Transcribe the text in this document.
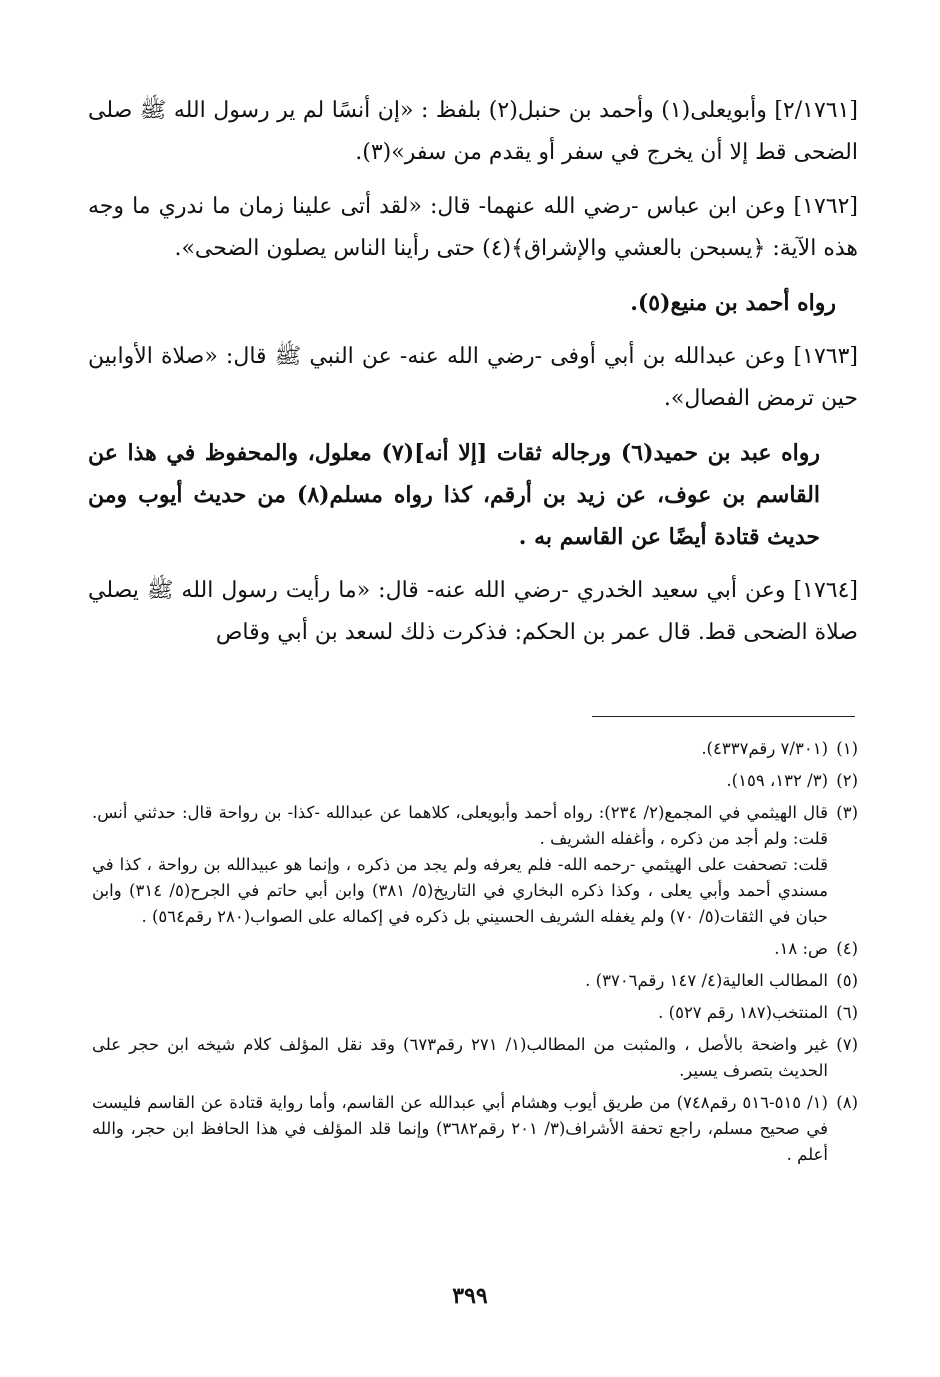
[٢/١٧٦١] وأبويعلى(١) وأحمد بن حنبل(٢) بلفظ : «إن أنسًا لم ير رسول الله ﷺ صلى الضحى قط إلا أن يخرج في سفر أو يقدم من سفر»(٣).

[١٧٦٢] وعن ابن عباس -رضي الله عنهما- قال: «لقد أتى علينا زمان ما ندري ما وجه هذه الآية: ﴿يسبحن بالعشي والإشراق﴾(٤) حتى رأينا الناس يصلون الضحى».

رواه أحمد بن منيع(٥).

[١٧٦٣] وعن عبدالله بن أبي أوفى -رضي الله عنه- عن النبي ﷺ قال: «صلاة الأوابين حين ترمض الفصال».

رواه عبد بن حميد(٦) ورجاله ثقات [إلا أنه](٧) معلول، والمحفوظ في هذا عن القاسم بن عوف، عن زيد بن أرقم، كذا رواه مسلم(٨) من حديث أيوب ومن حديث قتادة أيضًا عن القاسم به .

[١٧٦٤] وعن أبي سعيد الخدري -رضي الله عنه- قال: «ما رأيت رسول الله ﷺ يصلي صلاة الضحى قط. قال عمر بن الحكم: فذكرت ذلك لسعد بن أبي وقاص

(١)
(٧/٣٠١ رقم٤٣٣٧).
(٢)
(٣/ ١٣٢، ١٥٩).
(٣)
قال الهيثمي في المجمع(٢/ ٢٣٤): رواه أحمد وأبويعلى، كلاهما عن عبدالله -كذا- بن رواحة قال: حدثني أنس. قلت: ولم أجد من ذكره ، وأغفله الشريف .
قلت: تصحفت على الهيثمي -رحمه الله- فلم يعرفه ولم يجد من ذكره ، وإنما هو عبيدالله بن رواحة ، كذا في مسندي أحمد وأبي يعلى ، وكذا ذكره البخاري في التاريخ(٥/ ٣٨١) وابن أبي حاتم في الجرح(٥/ ٣١٤) وابن حبان في الثقات(٥/ ٧٠) ولم يغفله الشريف الحسيني بل ذكره في إكماله على الصواب(٢٨٠ رقم٥٦٤) .
(٤)
ص: ١٨.
(٥)
المطالب العالية(٤/ ١٤٧ رقم٣٧٠٦) .
(٦)
المنتخب(١٨٧ رقم ٥٢٧) .
(٧)
غير واضحة بالأصل ، والمثبت من المطالب(١/ ٢٧١ رقم٦٧٣) وقد نقل المؤلف كلام شيخه ابن حجر على الحديث بتصرف يسير.
(٨)
(١/ ٥١٥-٥١٦ رقم٧٤٨) من طريق أيوب وهشام أبي عبدالله عن القاسم، وأما رواية قتادة عن القاسم فليست في صحيح مسلم، راجع تحفة الأشراف(٣/ ٢٠١ رقم٣٦٨٢) وإنما قلد المؤلف في هذا الحافظ ابن حجر، والله أعلم .
٣٩٩
